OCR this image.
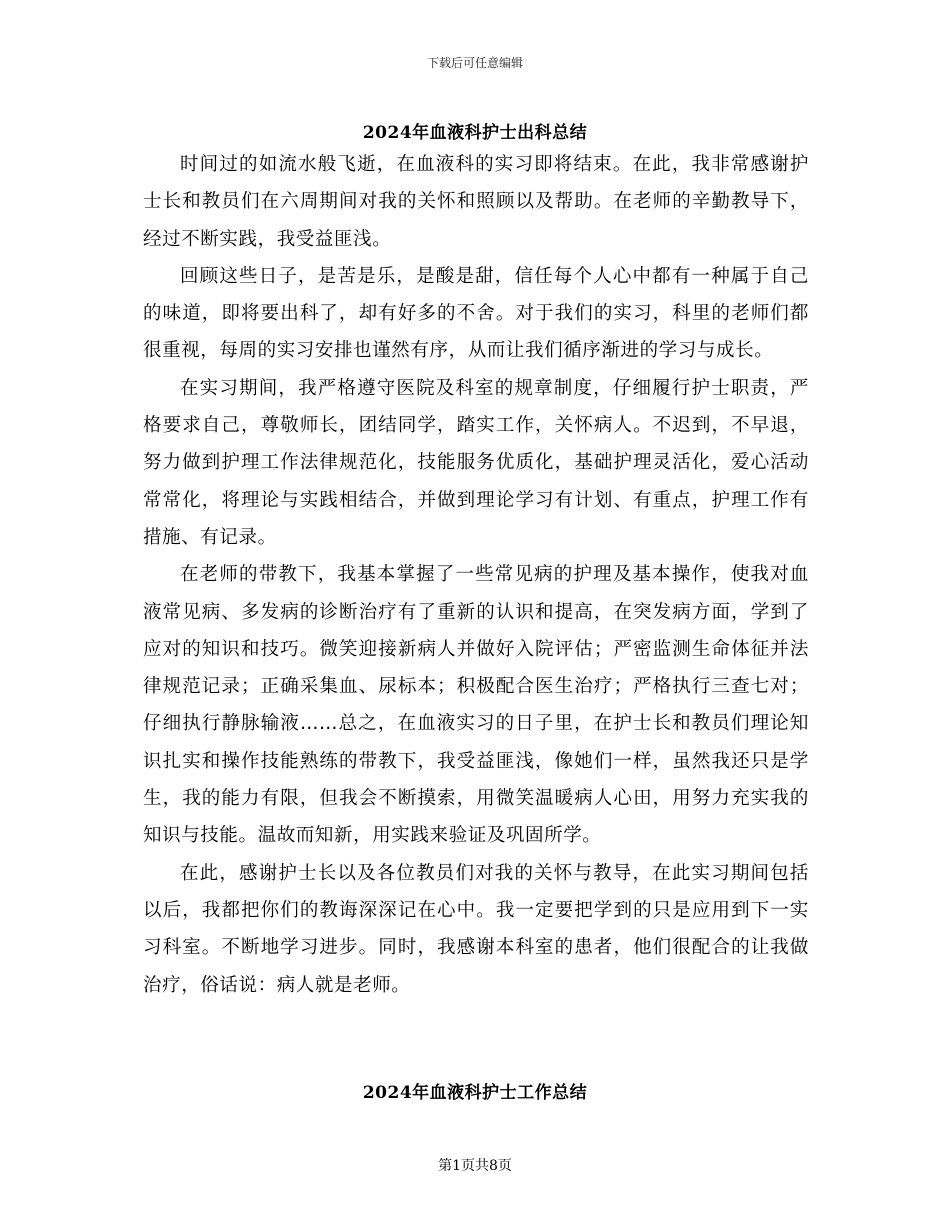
下载后可任意编辑
2024年血液科护士出科总结

时间过的如流水般飞逝，在血液科的实习即将结束。在此，我非常感谢护士长和教员们在六周期间对我的关怀和照顾以及帮助。在老师的辛勤教导下，经过不断实践，我受益匪浅。

回顾这些日子，是苦是乐，是酸是甜，信任每个人心中都有一种属于自己的味道，即将要出科了，却有好多的不舍。对于我们的实习，科里的老师们都很重视，每周的实习安排也谨然有序，从而让我们循序渐进的学习与成长。

在实习期间，我严格遵守医院及科室的规章制度，仔细履行护士职责，严格要求自己，尊敬师长，团结同学，踏实工作，关怀病人。不迟到，不早退，努力做到护理工作法律规范化，技能服务优质化，基础护理灵活化，爱心活动常常化，将理论与实践相结合，并做到理论学习有计划、有重点，护理工作有措施、有记录。

在老师的带教下，我基本掌握了一些常见病的护理及基本操作，使我对血液常见病、多发病的诊断治疗有了重新的认识和提高，在突发病方面，学到了应对的知识和技巧。微笑迎接新病人并做好入院评估；严密监测生命体征并法律规范记录；正确采集血、尿标本；积极配合医生治疗；严格执行三查七对；仔细执行静脉输液……总之，在血液实习的日子里，在护士长和教员们理论知识扎实和操作技能熟练的带教下，我受益匪浅，像她们一样，虽然我还只是学生，我的能力有限，但我会不断摸索，用微笑温暖病人心田，用努力充实我的知识与技能。温故而知新，用实践来验证及巩固所学。

在此，感谢护士长以及各位教员们对我的关怀与教导，在此实习期间包括以后，我都把你们的教诲深深记在心中。我一定要把学到的只是应用到下一实习科室。不断地学习进步。同时，我感谢本科室的患者，他们很配合的让我做治疗，俗话说：病人就是老师。

2024年血液科护士工作总结
第1页共8页
